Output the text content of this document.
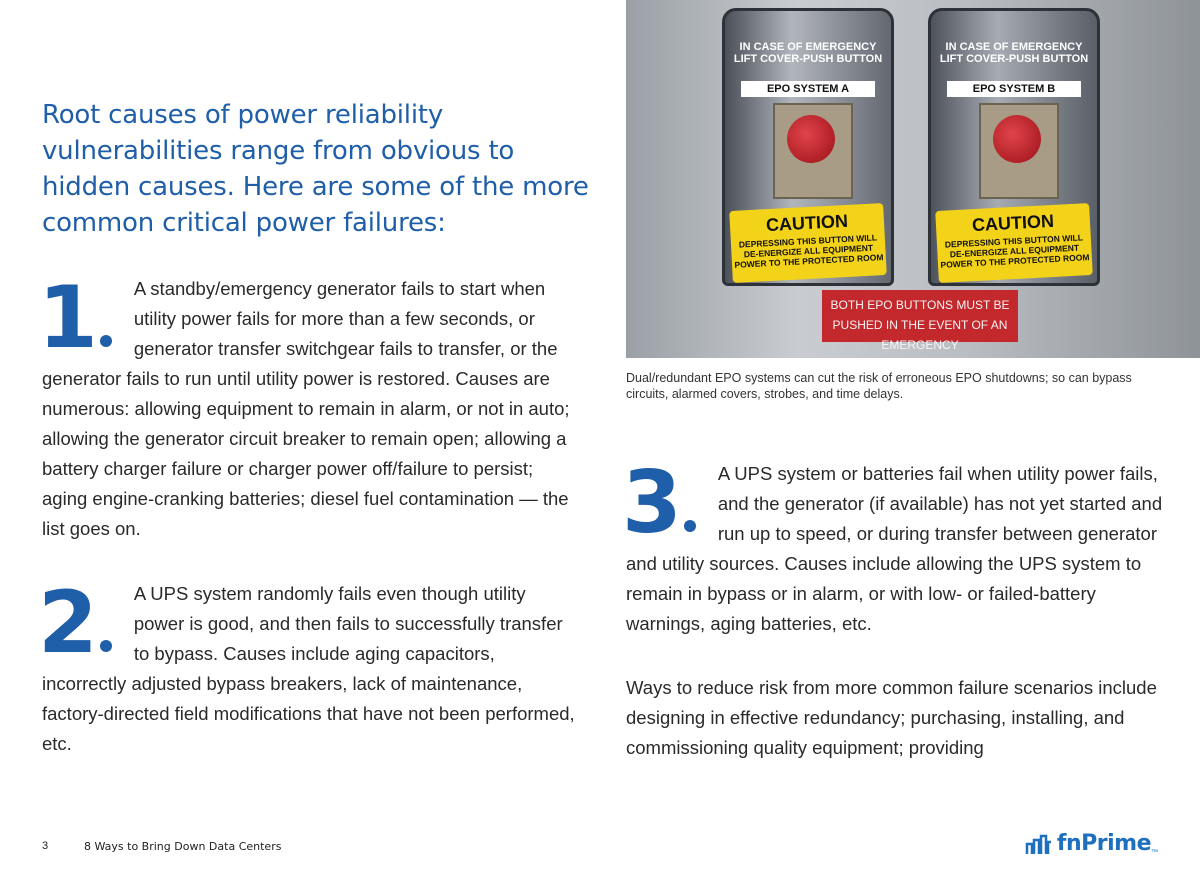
Root causes of power reliability vulnerabilities range from obvious to hidden causes. Here are some of the more common critical power failures:
1	A standby/emergency generator fails to start when utility power fails for more than a few seconds, or generator transfer switchgear fails to transfer, or the generator fails to run until utility power is restored. Causes are numerous: allowing equipment to remain in alarm, or not in auto; allowing the generator circuit breaker to remain open; allowing a battery charger failure or charger power off/failure to persist; aging engine-cranking batteries; diesel fuel contamination — the list goes on.

2	A UPS system randomly fails even though utility power is good, and then fails to successfully transfer to bypass. Causes include aging capacitors, incorrectly adjusted bypass breakers, lack of maintenance, factory-directed field modifications that have not been performed, etc.

IN CASE OF EMERGENCY LIFT COVER-PUSH BUTTON
EPO SYSTEM A
CAUTION
DEPRESSING THIS BUTTON WILL DE-ENERGIZE ALL EQUIPMENT POWER TO THE PROTECTED ROOM
IN CASE OF EMERGENCY LIFT COVER-PUSH BUTTON
EPO SYSTEM B
CAUTION
DEPRESSING THIS BUTTON WILL DE-ENERGIZE ALL EQUIPMENT POWER TO THE PROTECTED ROOM
BOTH EPO BUTTONS MUST BE PUSHED IN THE EVENT OF AN EMERGENCY

Dual/redundant EPO systems can cut the risk of erroneous EPO shutdowns; so can bypass circuits, alarmed covers, strobes, and time delays.

3	A UPS system or batteries fail when utility power fails, and the generator (if available) has not yet started and run up to speed, or during transfer between generator and utility sources. Causes include allowing the UPS system to remain in bypass or in alarm, or with low- or failed-battery warnings, aging batteries, etc.

Ways to reduce risk from more common failure scenarios include designing in effective redundancy; purchasing, installing, and commissioning quality equipment; providing

3	8 Ways to Bring Down Data Centers	fnPrime ™
